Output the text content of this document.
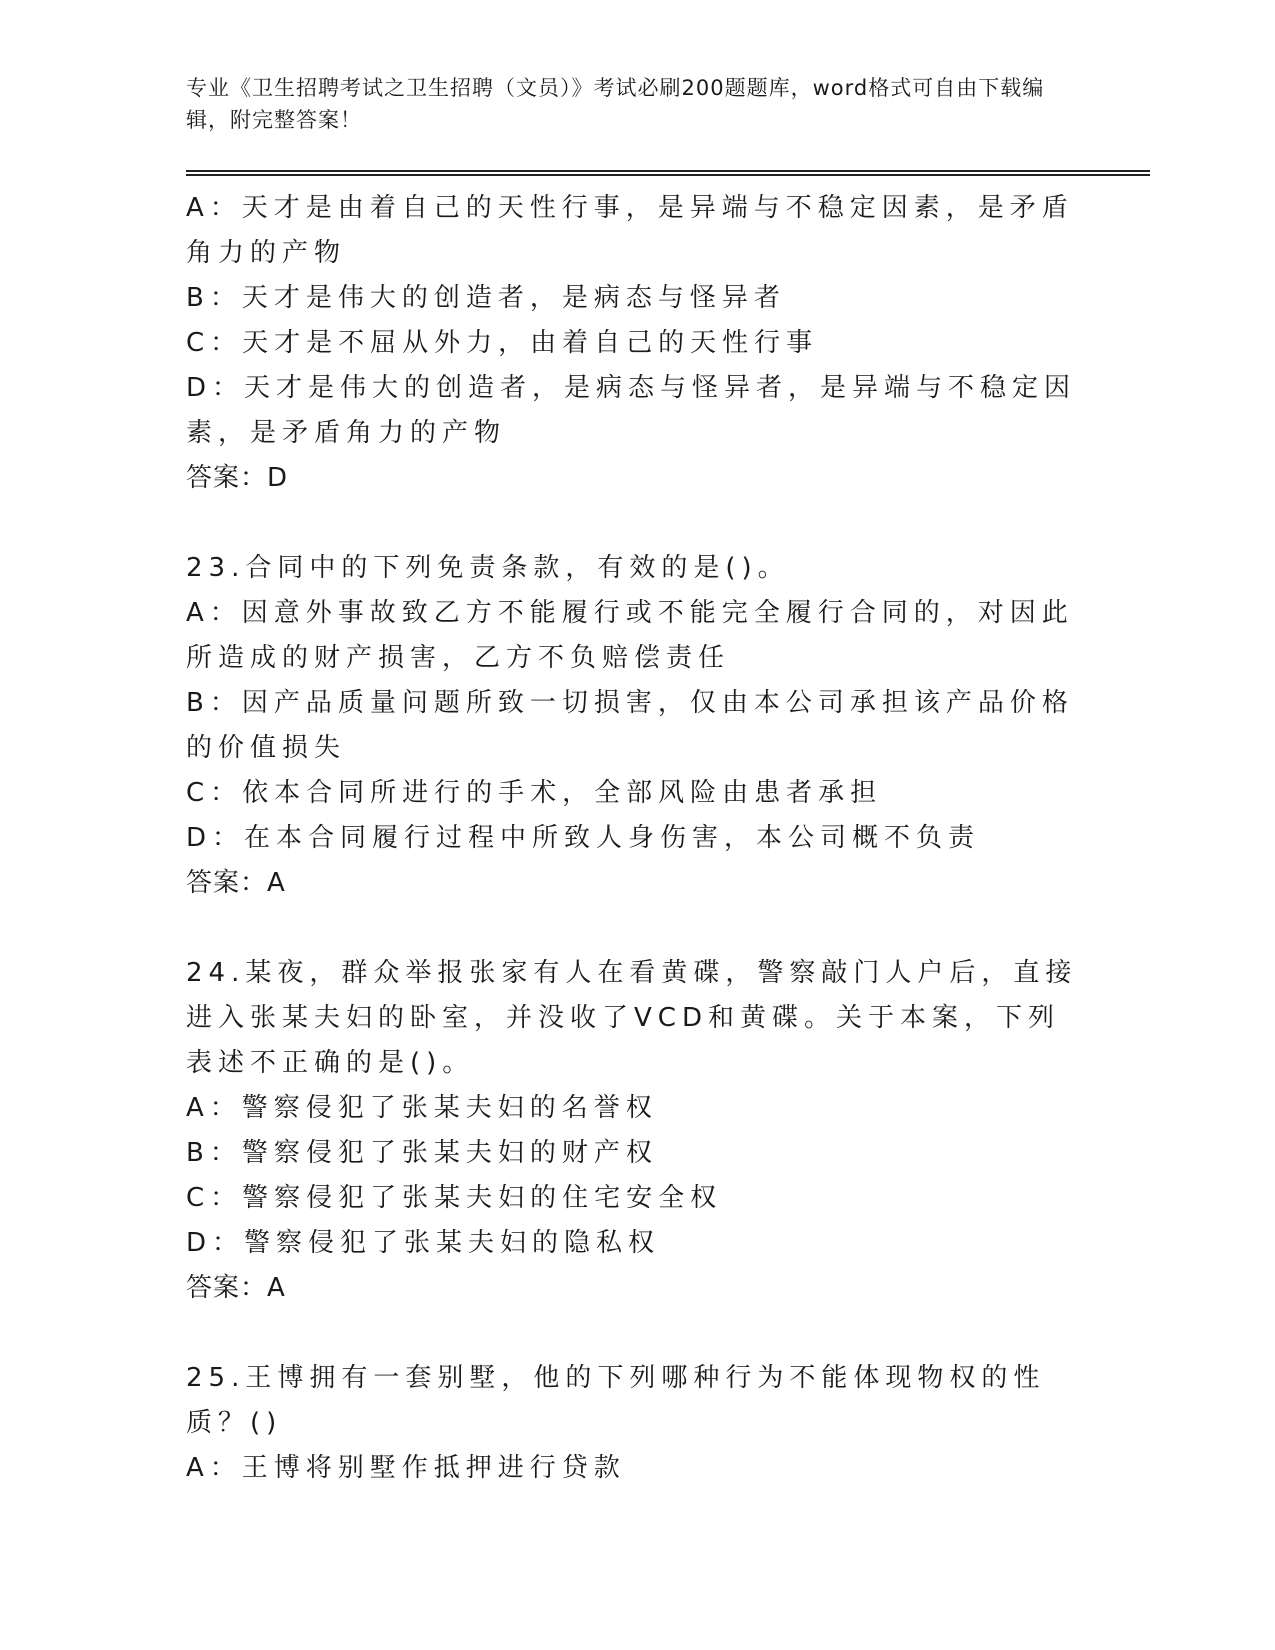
专业《卫生招聘考试之卫生招聘（文员）》考试必刷200题题库，word格式可自由下载编辑，附完整答案！
A：天才是由着自己的天性行事，是异端与不稳定因素，是矛盾角力的产物
B：天才是伟大的创造者，是病态与怪异者
C：天才是不屈从外力，由着自己的天性行事
D：天才是伟大的创造者，是病态与怪异者，是异端与不稳定因素，是矛盾角力的产物
答案：D
23.合同中的下列免责条款，有效的是()。
A：因意外事故致乙方不能履行或不能完全履行合同的，对因此所造成的财产损害，乙方不负赔偿责任
B：因产品质量问题所致一切损害，仅由本公司承担该产品价格的价值损失
C：依本合同所进行的手术，全部风险由患者承担
D：在本合同履行过程中所致人身伤害，本公司概不负责
答案：A
24.某夜，群众举报张家有人在看黄碟，警察敲门人户后，直接进入张某夫妇的卧室，并没收了VCD和黄碟。关于本案，下列表述不正确的是()。
A：警察侵犯了张某夫妇的名誉权
B：警察侵犯了张某夫妇的财产权
C：警察侵犯了张某夫妇的住宅安全权
D：警察侵犯了张某夫妇的隐私权
答案：A
25.王博拥有一套别墅，他的下列哪种行为不能体现物权的性质？()
A：王博将别墅作抵押进行贷款
